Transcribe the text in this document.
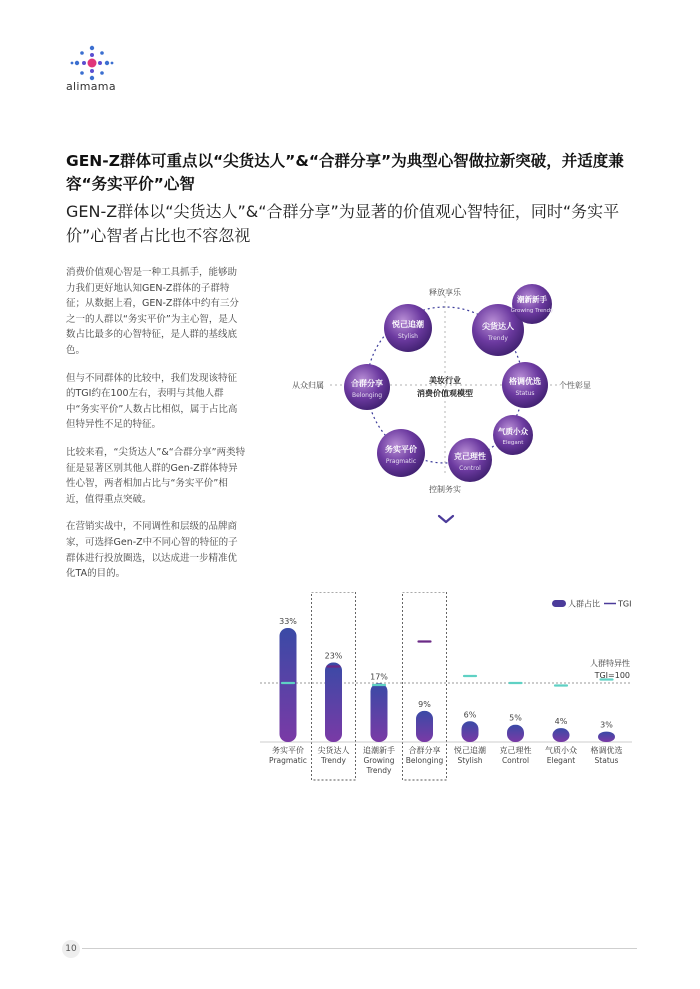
alimama
GEN-Z群体可重点以“尖货达人”&“合群分享”为典型心智做拉新突破，并适度兼容“务实平价”心智
GEN-Z群体以“尖货达人”&“合群分享”为显著的价值观心智特征，同时“务实平价”心智者占比也不容忽视

消费价值观心智是一种工具抓手，能够助力我们更好地认知GEN-Z群体的子群特征；从数据上看，GEN-Z群体中约有三分之一的人群以“务实平价”为主心智，是人数占比最多的心智特征，是人群的基线底色。

但与不同群体的比较中，我们发现该特征的TGI约在100左右，表明与其他人群中“务实平价”人数占比相似，属于占比高但特异性不足的特征。

比较来看，“尖货达人”&“合群分享”两类特征是显著区别其他人群的Gen-Z群体特异性心智，两者相加占比与“务实平价”相近，值得重点突破。

在营销实战中，不同调性和层级的品牌商家，可选择Gen-Z中不同心智的特征的子群体进行投放圈选，以达成进一步精准优化TA的目的。

释放享乐
控制务实
从众归属	个性彰显
美妆行业
消费价值观模型
悦己追潮
Stylish
尖货达人
Trendy
潮新新手
Growing Trendy
格调优选
Status
气质小众
Elegant
克己理性
Control
务实平价
Pragmatic
合群分享
Belonging
33%
务实平价
Pragmatic
23%
尖货达人
Trendy
17%
追潮新手
Growing
Trendy
9%
合群分享
Belonging
6%
悦己追潮
Stylish
5%
克己理性
Control
4%
气质小众
Elegant
3%
格调优选
Status
人群占比 TGI
人群特异性
TGI=100
10
